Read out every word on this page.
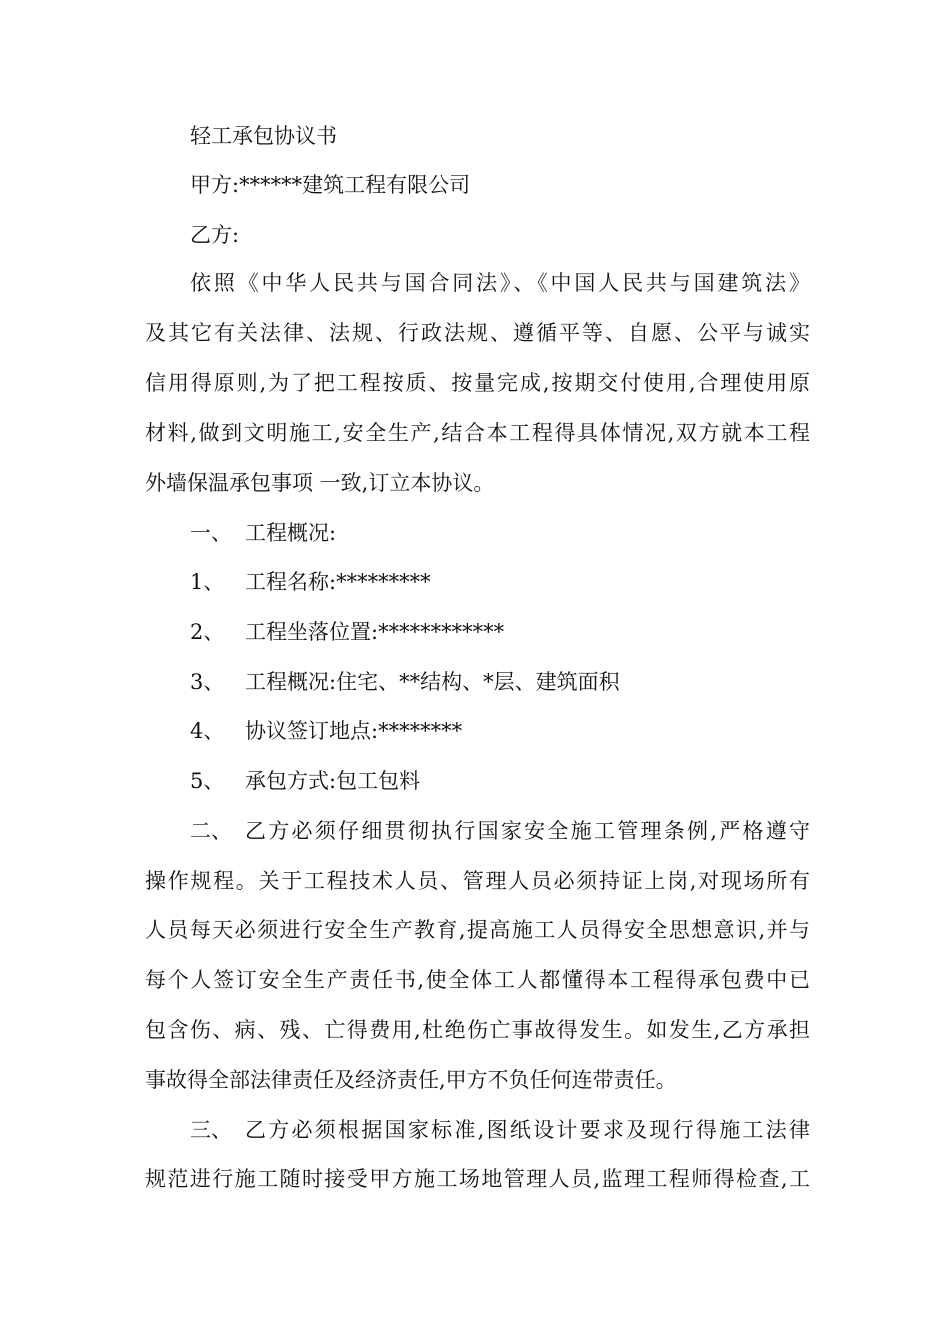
轻工承包协议书
甲方:******建筑工程有限公司
乙方:
依照《中华人民共与国合同法》、《中国人民共与国建筑法》
及其它有关法律、法规、行政法规、遵循平等、自愿、公平与诚实
信用得原则,为了把工程按质、按量完成,按期交付使用,合理使用原
材料,做到文明施工,安全生产,结合本工程得具体情况,双方就本工程
外墙保温承包事项 一致,订立本协议。
一、 工程概况:
1、 工程名称:*********
2、 工程坐落位置:************
3、 工程概况:住宅、**结构、*层、建筑面积
4、 协议签订地点:********
5、 承包方式:包工包料
二、 乙方必须仔细贯彻执行国家安全施工管理条例,严格遵守
操作规程。关于工程技术人员、管理人员必须持证上岗,对现场所有
人员每天必须进行安全生产教育,提高施工人员得安全思想意识,并与
每个人签订安全生产责任书,使全体工人都懂得本工程得承包费中已
包含伤、病、残、亡得费用,杜绝伤亡事故得发生。如发生,乙方承担
事故得全部法律责任及经济责任,甲方不负任何连带责任。
三、 乙方必须根据国家标准,图纸设计要求及现行得施工法律
规范进行施工随时接受甲方施工场地管理人员,监理工程师得检查,工
